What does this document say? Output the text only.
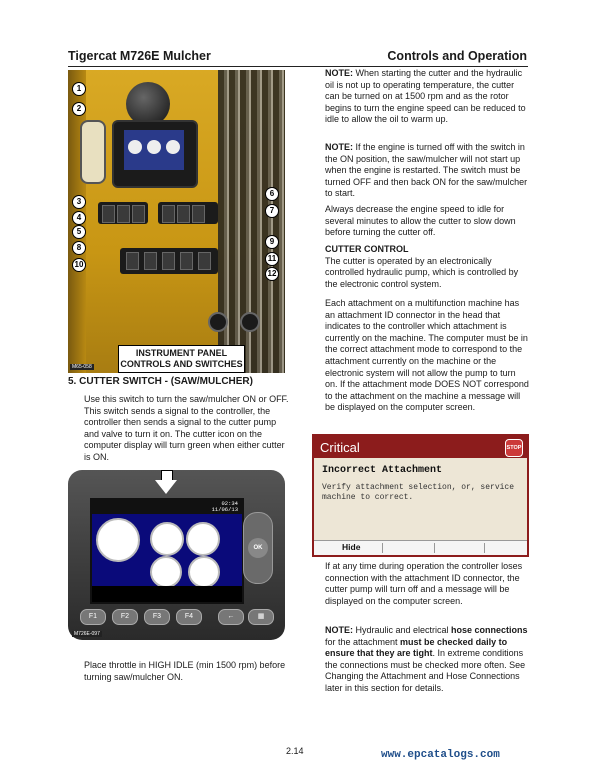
Tigercat M726E Mulcher	Controls and Operation
1
2
3
4
5
6
7
8
9
10
11
12
INSTRUMENT PANEL
CONTROLS AND SWITCHES
M65-058
5. CUTTER SWITCH - (SAW/MULCHER)
Use this switch to turn the saw/mulcher ON or OFF. This switch sends a signal to the controller, the controller then sends a signal to the cutter pump and valve to turn it on. The cutter icon on the computer display will turn green when either cutter is ON.
02:34
11/06/13
OK
F1	F2	F3	F4	←	▦
M726E-097
Place throttle in HIGH IDLE (min 1500 rpm) before turning saw/mulcher ON.
NOTE: When starting the cutter and the hydraulic oil is not up to operating temperature, the cutter can be turned on at 1500 rpm and as the rotor begins to turn the engine speed can be reduced to idle to allow the oil to warm up.
NOTE: If the engine is turned off with the switch in the ON position, the saw/mulcher will not start up when the engine is restarted. The switch must be turned OFF and then back ON for the saw/mulcher to start.
Always decrease the engine speed to idle for several minutes to allow the cutter to slow down before turning the cutter off.
CUTTER CONTROL
The cutter is operated by an electronically controlled hydraulic pump, which is controlled by the electronic control system.
Each attachment on a multifunction machine has an attachment ID connector in the head that indicates to the controller which attachment is currently on the machine. The computer must be in the correct attachment mode to correspond to the attachment currently on the machine or the electronic system will not allow the pump to turn on. If the attachment mode DOES NOT correspond to the attachment on the machine a message will be displayed on the computer screen.
Critical	STOP
Incorrect Attachment
Verify attachment selection, or, service machine to correct.
Hide
If at any time during operation the controller loses connection with the attachment ID connector, the cutter pump will turn off and a message will be displayed on the computer screen.
NOTE: Hydraulic and electrical hose connections for the attachment must be checked daily to ensure that they are tight. In extreme conditions the connections must be checked more often. See Changing the Attachment and Hose Connections later in this section for details.
2.14	www.epcatalogs.com
